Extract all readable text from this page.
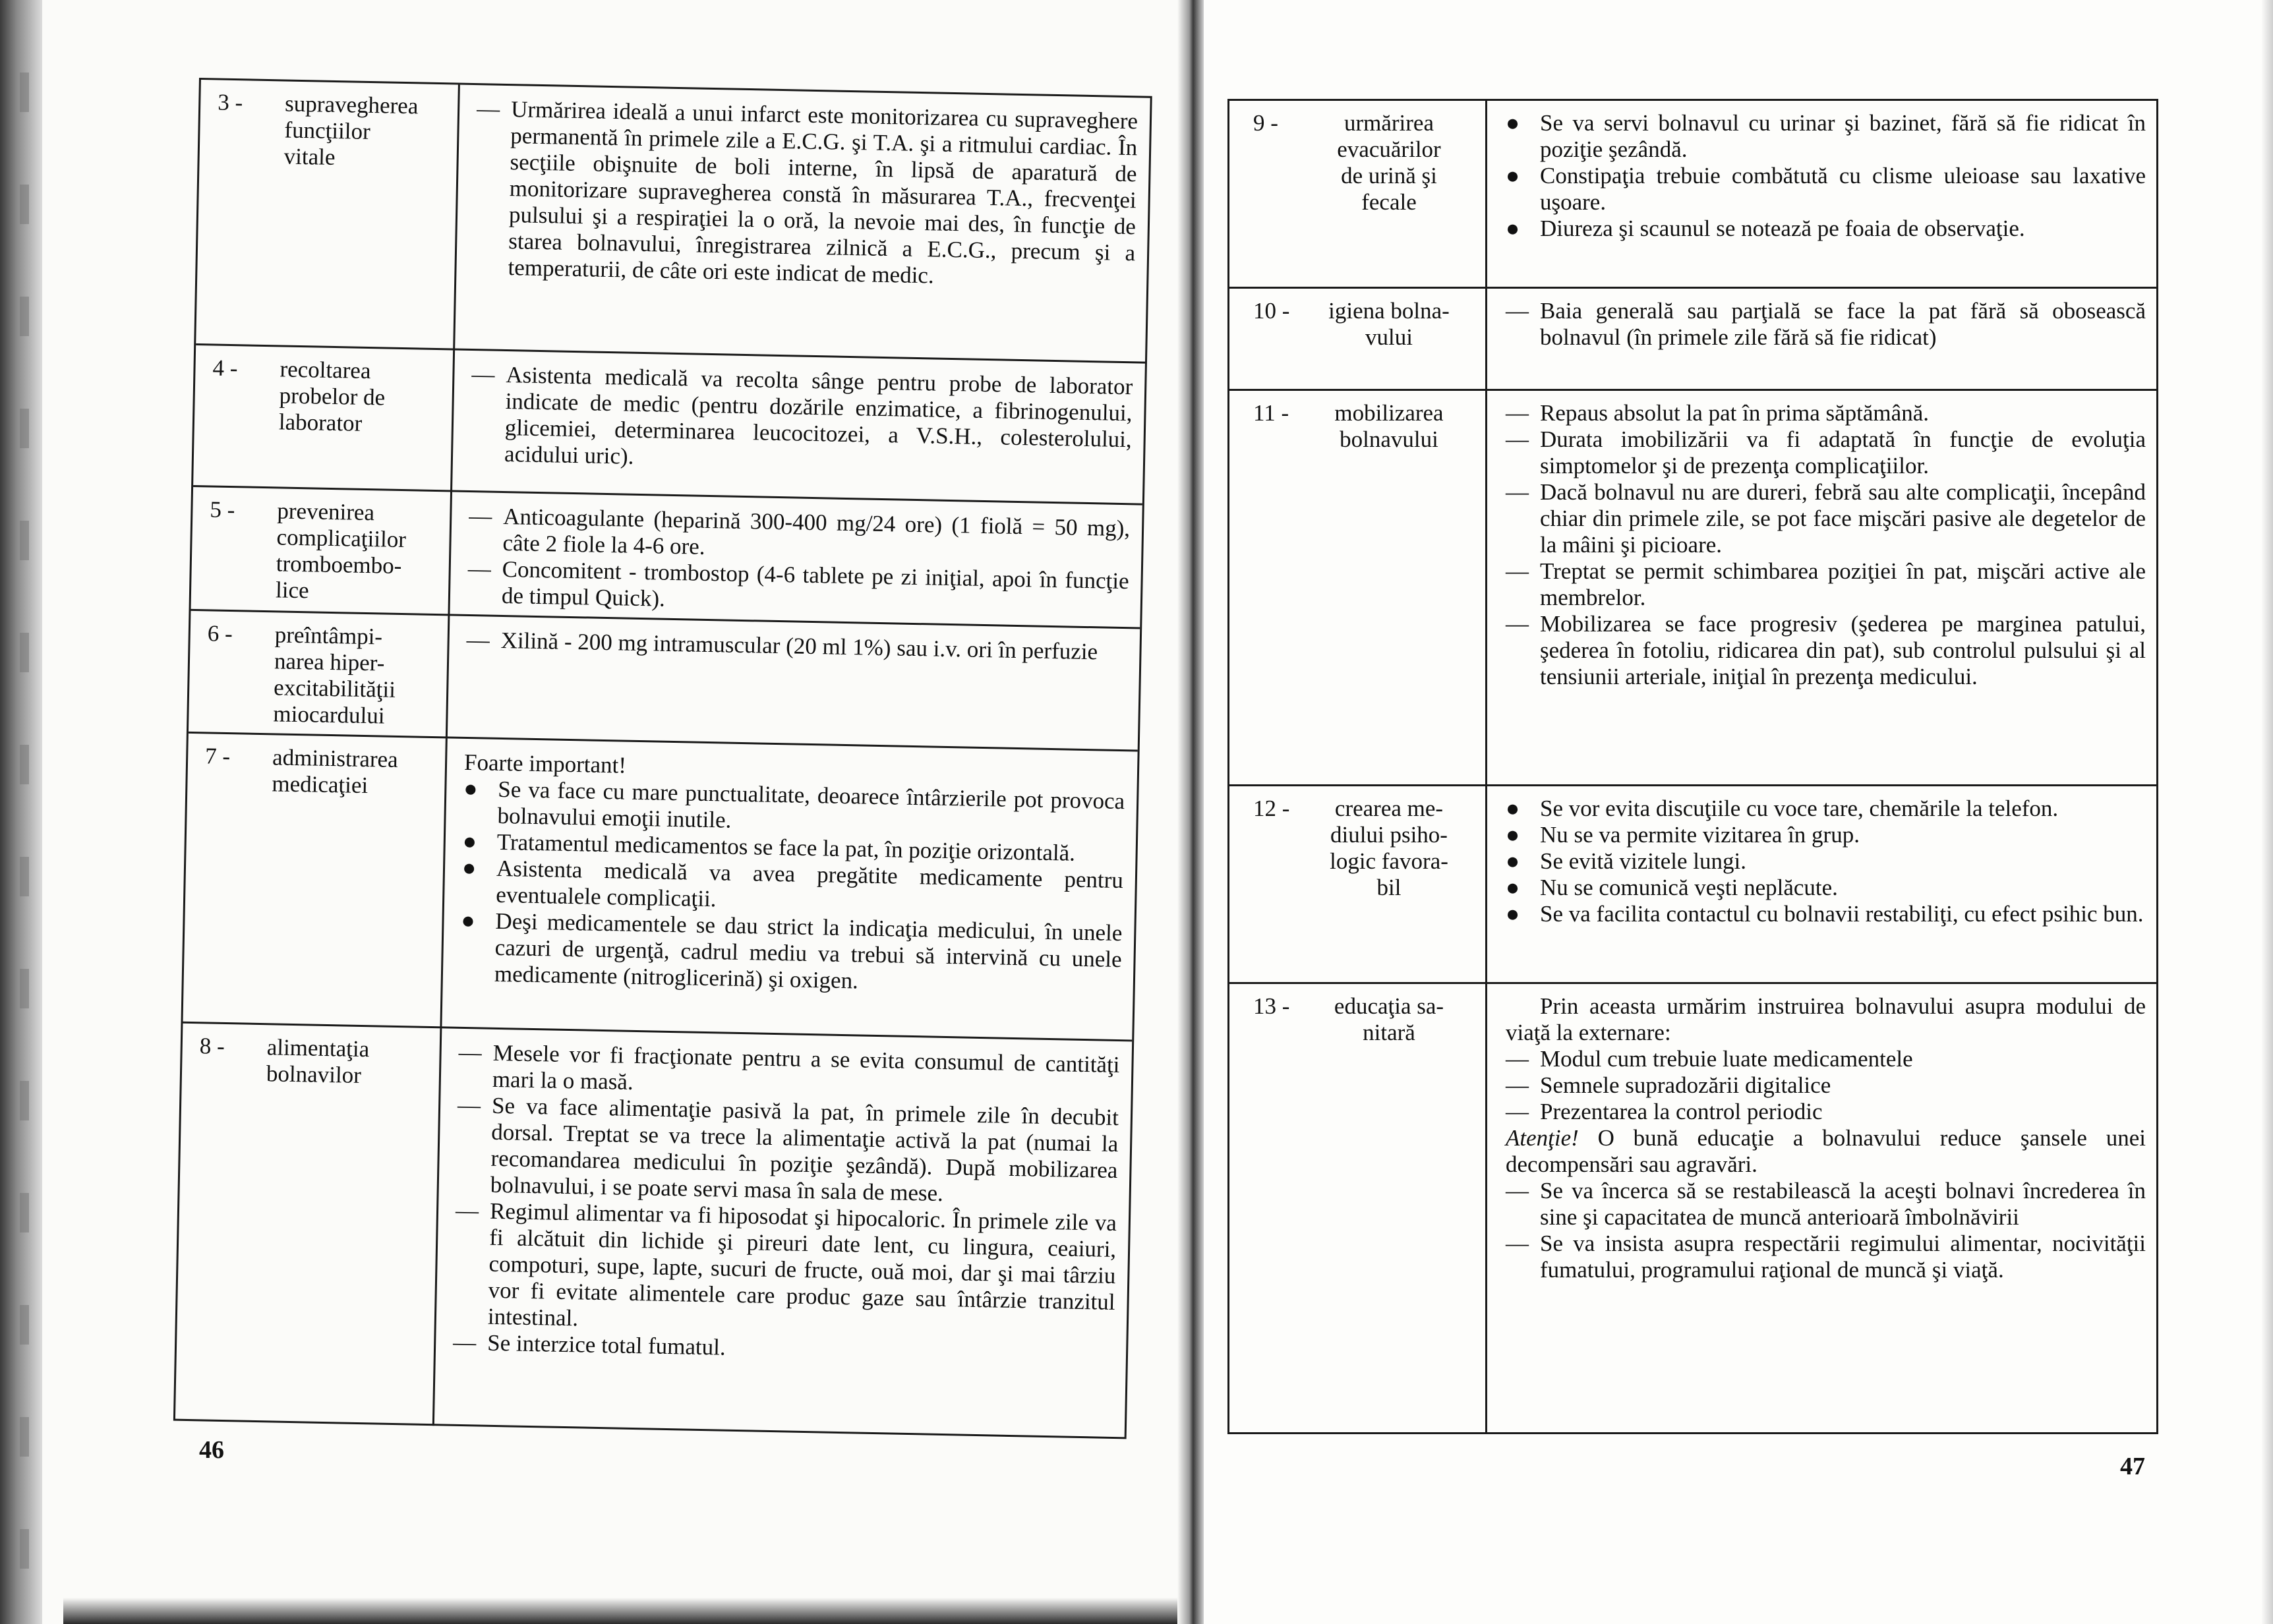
3 -	supravegherea
funcţiilor
vitale
— Urmărirea ideală a unui infarct este monitorizarea cu supraveghere permanentă în primele zile a E.C.G. şi T.A. şi a ritmului cardiac. În secţiile obişnuite de boli interne, în lipsă de aparatură de monitorizare supravegherea constă în măsurarea T.A., frecvenţei pulsului şi a respiraţiei la o oră, la nevoie mai des, în funcţie de starea bolnavului, înregistrarea zilnică a E.C.G., precum şi a temperaturii, de câte ori este indicat de medic.
4 -	recoltarea
probelor de
laborator
— Asistenta medicală va recolta sânge pentru probe de laborator indicate de medic (pentru dozările enzimatice, a fibrinogenului, glicemiei, determinarea leucocitozei, a V.S.H., colesterolului, acidului uric).
5 -	prevenirea
complicaţiilor
tromboembo-
lice
— Anticoagulante (heparină 300-400 mg/24 ore) (1 fiolă = 50 mg), câte 2 fiole la 4-6 ore.
— Concomitent - trombostop (4-6 tablete pe zi iniţial, apoi în funcţie de timpul Quick).
6 -	preîntâmpi-
narea hiper-
excitabilităţii
miocardului
— Xilină - 200 mg intramuscular (20 ml 1%) sau i.v. ori în perfuzie
7 -	administrarea
medicaţiei
Foarte important!
● Se va face cu mare punctualitate, deoarece întârzierile pot provoca bolnavului emoţii inutile.
● Tratamentul medicamentos se face la pat, în poziţie orizontală.
● Asistenta medicală va avea pregătite medicamente pentru eventualele complicaţii.
● Deşi medicamentele se dau strict la indicaţia medicului, în unele cazuri de urgenţă, cadrul mediu va trebui să intervină cu unele medicamente (nitroglicerină) şi oxigen.
8 -	alimentaţia
bolnavilor
— Mesele vor fi fracţionate pentru a se evita consumul de cantităţi mari la o masă.
— Se va face alimentaţie pasivă la pat, în primele zile în decubit dorsal. Treptat se va trece la alimentaţie activă la pat (numai la recomandarea medicului în poziţie şezândă). După mobilizarea bolnavului, i se poate servi masa în sala de mese.
— Regimul alimentar va fi hiposodat şi hipocaloric. În primele zile va fi alcătuit din lichide şi pireuri date lent, cu lingura, ceaiuri, compoturi, supe, lapte, sucuri de fructe, ouă moi, dar şi mai târziu vor fi evitate alimentele care produc gaze sau întârzie tranzitul intestinal.
— Se interzice total fumatul.
46
47
9 -	urmărirea
evacuărilor
de urină şi
fecale
● Se va servi bolnavul cu urinar şi bazinet, fără să fie ridicat în poziţie şezândă.
● Constipaţia trebuie combătută cu clisme uleioase sau laxative uşoare.
● Diureza şi scaunul se notează pe foaia de observaţie.
10 -	igiena bolna-
vului
— Baia generală sau parţială se face la pat fără să obosească bolnavul (în primele zile fără să fie ridicat)
11 -	mobilizarea
bolnavului
— Repaus absolut la pat în prima săptămână.
— Durata imobilizării va fi adaptată în funcţie de evoluţia simptomelor şi de prezenţa complicaţiilor.
— Dacă bolnavul nu are dureri, febră sau alte complicaţii, începând chiar din primele zile, se pot face mişcări pasive ale degetelor de la mâini şi picioare.
— Treptat se permit schimbarea poziţiei în pat, mişcări active ale membrelor.
— Mobilizarea se face progresiv (şederea pe marginea patului, şederea în fotoliu, ridicarea din pat), sub controlul pulsului şi al tensiunii arteriale, iniţial în prezenţa medicului.
12 -	crearea me-
diului psiho-
logic favora-
bil
● Se vor evita discuţiile cu voce tare, chemările la telefon.
● Nu se va permite vizitarea în grup.
● Se evită vizitele lungi.
● Nu se comunică veşti neplăcute.
● Se va facilita contactul cu bolnavii restabiliţi, cu efect psihic bun.
13 -	educaţia sa-
nitară
Prin aceasta urmărim instruirea bolnavului asupra modului de viaţă la externare:
— Modul cum trebuie luate medicamentele
— Semnele supradozării digitalice
— Prezentarea la control periodic
Atenţie! O bună educaţie a bolnavului reduce şansele unei decompensări sau agravări.
— Se va încerca să se restabilească la aceşti bolnavi încrederea în sine şi capacitatea de muncă anterioară îmbolnăvirii
— Se va insista asupra respectării regimului alimentar, nocivităţii fumatului, programului raţional de muncă şi viaţă.
